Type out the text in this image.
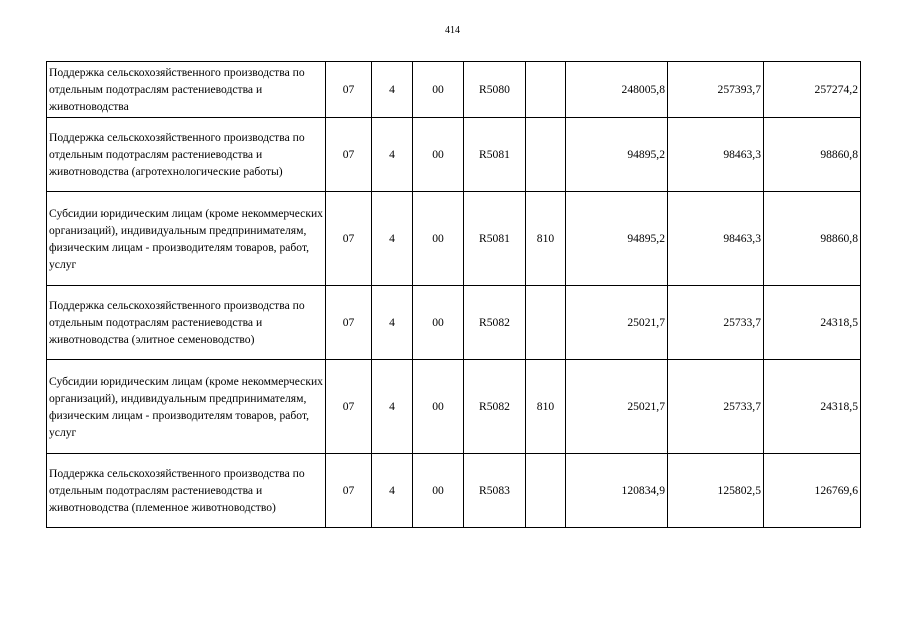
414
Поддержка сельскохозяйственного производства по отдельным подотраслям растениеводства и животноводства	07	4	00	R5080		248005,8	257393,7	257274,2
Поддержка сельскохозяйственного производства по отдельным подотраслям растениеводства и животноводства (агротехнологические работы)	07	4	00	R5081		94895,2	98463,3	98860,8
Субсидии юридическим лицам (кроме некоммерческих организаций), индивидуальным предпринимателям, физическим лицам - производителям товаров, работ, услуг	07	4	00	R5081	810	94895,2	98463,3	98860,8
Поддержка сельскохозяйственного производства по отдельным подотраслям растениеводства и животноводства (элитное семеноводство)	07	4	00	R5082		25021,7	25733,7	24318,5
Субсидии юридическим лицам (кроме некоммерческих организаций), индивидуальным предпринимателям, физическим лицам - производителям товаров, работ, услуг	07	4	00	R5082	810	25021,7	25733,7	24318,5
Поддержка сельскохозяйственного производства по отдельным подотраслям растениеводства и животноводства (племенное животноводство)	07	4	00	R5083		120834,9	125802,5	126769,6
